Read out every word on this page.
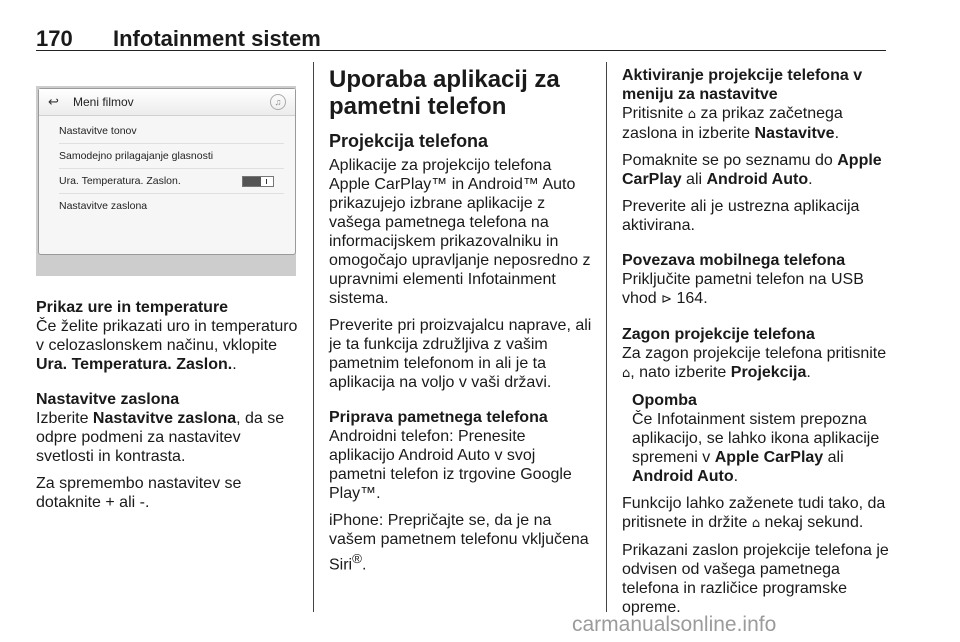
170 Infotainment sistem
↩ Meni filmov	♫
Nastavitve tonov
Samodejno prilagajanje glasnosti
Ura. Temperatura. Zaslon.
Nastavitve zaslona

Prikaz ure in temperature

Če želite prikazati uro in temperaturo v celozaslonskem načinu, vklopite Ura. Temperatura. Zaslon..

Nastavitve zaslona

Izberite Nastavitve zaslona, da se odpre podmeni za nastavitev svetlosti in kontrasta.

Za spremembo nastavitev se dotaknite + ali -.

Uporaba aplikacij za pametni telefon

Projekcija telefona

Aplikacije za projekcijo telefona Apple CarPlay™ in Android™ Auto prikazujejo izbrane aplikacije z vašega pametnega telefona na informacijskem prikazovalniku in omogočajo upravljanje neposredno z upravnimi elementi Infotainment sistema.

Preverite pri proizvajalcu naprave, ali je ta funkcija združljiva z vašim pametnim telefonom in ali je ta aplikacija na voljo v vaši državi.

Priprava pametnega telefona

Androidni telefon: Prenesite aplikacijo Android Auto v svoj pametni telefon iz trgovine Google Play™.

iPhone: Prepričajte se, da je na vašem pametnem telefonu vključena Siri®.

Aktiviranje projekcije telefona v meniju za nastavitve

Pritisnite ⌂ za prikaz začetnega zaslona in izberite Nastavitve.

Pomaknite se po seznamu do Apple CarPlay ali Android Auto.

Preverite ali je ustrezna aplikacija aktivirana.

Povezava mobilnega telefona

Priključite pametni telefon na USB vhod ⊳ 164.

Zagon projekcije telefona

Za zagon projekcije telefona pritisnite ⌂, nato izberite Projekcija.

Opomba

Če Infotainment sistem prepozna aplikacijo, se lahko ikona aplikacije spremeni v Apple CarPlay ali Android Auto.

Funkcijo lahko zaženete tudi tako, da pritisnete in držite ⌂ nekaj sekund.

Prikazani zaslon projekcije telefona je odvisen od vašega pametnega telefona in različice programske opreme.

carmanualsonline.info
